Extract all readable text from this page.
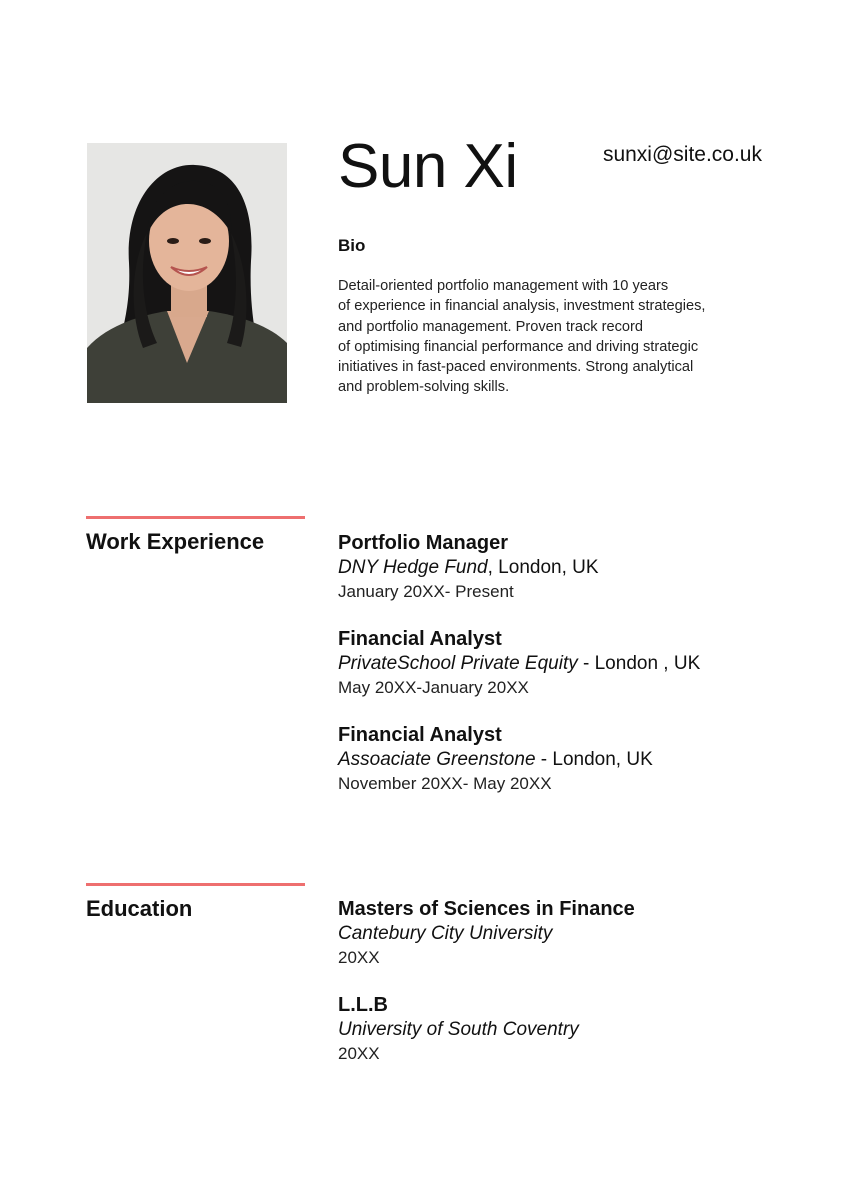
Sun Xi	sunxi@site.co.uk
Bio
Detail-oriented portfolio management with 10 years
of experience in financial analysis, investment strategies,
and portfolio management. Proven track record
of optimising financial performance and driving strategic
initiatives in fast-paced environments. Strong analytical
and problem-solving skills.
Work Experience	Portfolio Manager
DNY Hedge Fund, London, UK
January 20XX- Present
Financial Analyst
PrivateSchool Private Equity - London , UK
May 20XX-January 20XX
Financial Analyst
Assoaciate Greenstone - London, UK
November 20XX- May 20XX
Education	Masters of Sciences in Finance
Cantebury City University
20XX
L.L.B
University of South Coventry
20XX
